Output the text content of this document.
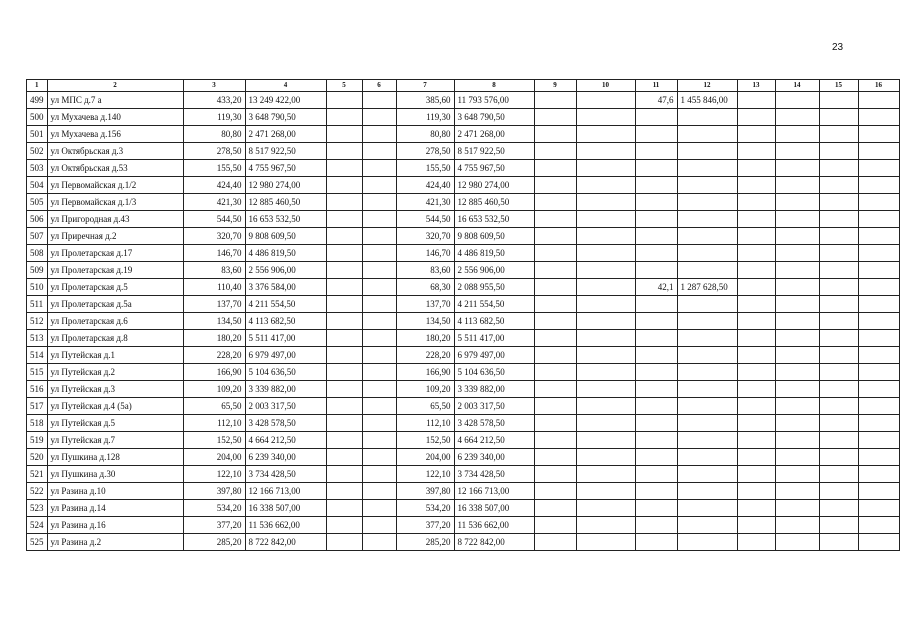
23
1	2	3	4	5	6	7	8	9	10	11	12	13	14	15	16
499	ул МПС д.7 а	433,20	13 249 422,00			385,60	11 793 576,00			47,6	1 455 846,00				
500	ул Мухачева д.140	119,30	3 648 790,50			119,30	3 648 790,50								
501	ул Мухачева д.156	80,80	2 471 268,00			80,80	2 471 268,00								
502	ул Октябрьская д.3	278,50	8 517 922,50			278,50	8 517 922,50								
503	ул Октябрьская д.53	155,50	4 755 967,50			155,50	4 755 967,50								
504	ул Первомайская д.1/2	424,40	12 980 274,00			424,40	12 980 274,00								
505	ул Первомайская д.1/3	421,30	12 885 460,50			421,30	12 885 460,50								
506	ул Пригородная д.43	544,50	16 653 532,50			544,50	16 653 532,50								
507	ул Приречная д.2	320,70	9 808 609,50			320,70	9 808 609,50								
508	ул Пролетарская д.17	146,70	4 486 819,50			146,70	4 486 819,50								
509	ул Пролетарская д.19	83,60	2 556 906,00			83,60	2 556 906,00								
510	ул Пролетарская д.5	110,40	3 376 584,00			68,30	2 088 955,50			42,1	1 287 628,50				
511	ул Пролетарская д.5а	137,70	4 211 554,50			137,70	4 211 554,50								
512	ул Пролетарская д.6	134,50	4 113 682,50			134,50	4 113 682,50								
513	ул Пролетарская д.8	180,20	5 511 417,00			180,20	5 511 417,00								
514	ул Путейская д.1	228,20	6 979 497,00			228,20	6 979 497,00								
515	ул Путейская д.2	166,90	5 104 636,50			166,90	5 104 636,50								
516	ул Путейская д.3	109,20	3 339 882,00			109,20	3 339 882,00								
517	ул Путейская д.4 (5а)	65,50	2 003 317,50			65,50	2 003 317,50								
518	ул Путейская д.5	112,10	3 428 578,50			112,10	3 428 578,50								
519	ул Путейская д.7	152,50	4 664 212,50			152,50	4 664 212,50								
520	ул Пушкина д.128	204,00	6 239 340,00			204,00	6 239 340,00								
521	ул Пушкина д.30	122,10	3 734 428,50			122,10	3 734 428,50								
522	ул Разина д.10	397,80	12 166 713,00			397,80	12 166 713,00								
523	ул Разина д.14	534,20	16 338 507,00			534,20	16 338 507,00								
524	ул Разина д.16	377,20	11 536 662,00			377,20	11 536 662,00								
525	ул Разина д.2	285,20	8 722 842,00			285,20	8 722 842,00								
